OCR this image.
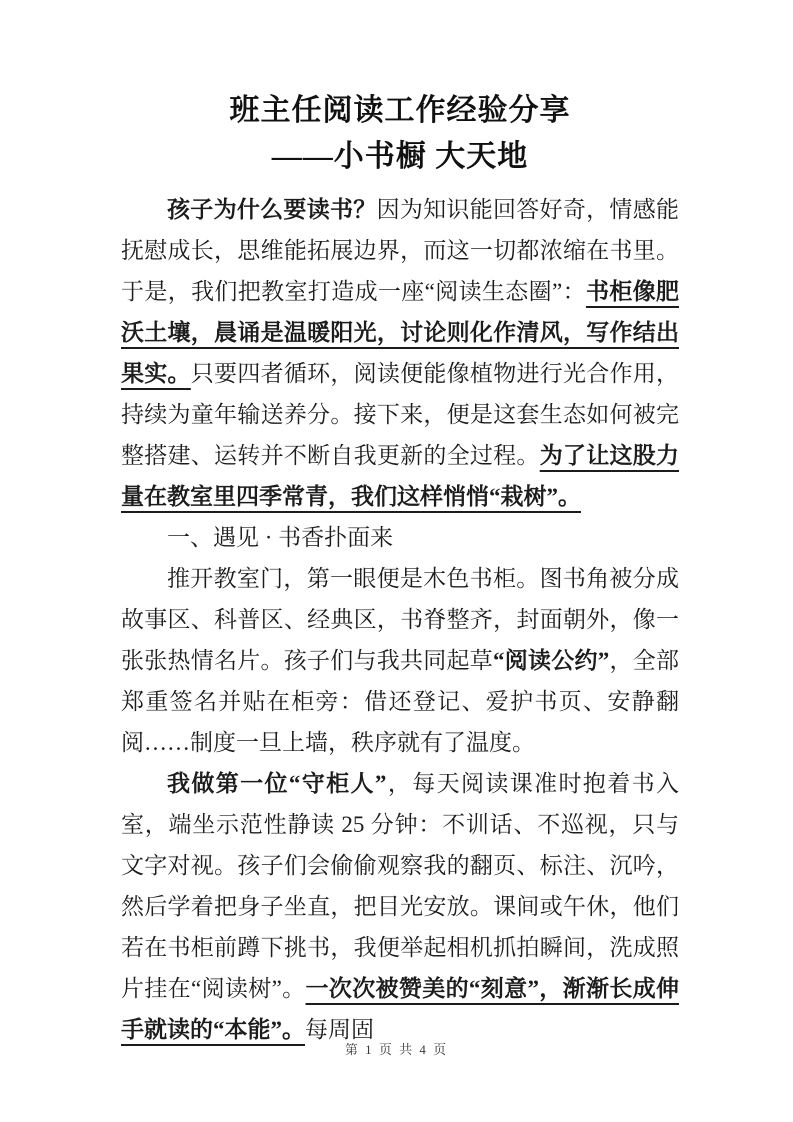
班主任阅读工作经验分享
——小书橱 大天地

孩子为什么要读书？因为知识能回答好奇，情感能抚慰成长，思维能拓展边界，而这一切都浓缩在书里。于是，我们把教室打造成一座“阅读生态圈”：书柜像肥沃土壤，晨诵是温暖阳光，讨论则化作清风，写作结出果实。只要四者循环，阅读便能像植物进行光合作用，持续为童年输送养分。接下来，便是这套生态如何被完整搭建、运转并不断自我更新的全过程。为了让这股力量在教室里四季常青，我们这样悄悄“栽树”。

一、遇见 · 书香扑面来

推开教室门，第一眼便是木色书柜。图书角被分成故事区、科普区、经典区，书脊整齐，封面朝外，像一张张热情名片。孩子们与我共同起草“阅读公约”，全部郑重签名并贴在柜旁：借还登记、爱护书页、安静翻阅……制度一旦上墙，秩序就有了温度。

我做第一位“守柜人”，每天阅读课准时抱着书入室，端坐示范性静读 25 分钟：不训话、不巡视，只与文字对视。孩子们会偷偷观察我的翻页、标注、沉吟，然后学着把身子坐直，把目光安放。课间或午休，他们若在书柜前蹲下挑书，我便举起相机抓拍瞬间，洗成照片挂在“阅读树”。一次次被赞美的“刻意”，渐渐长成伸手就读的“本能”。每周固

第 1 页 共 4 页
